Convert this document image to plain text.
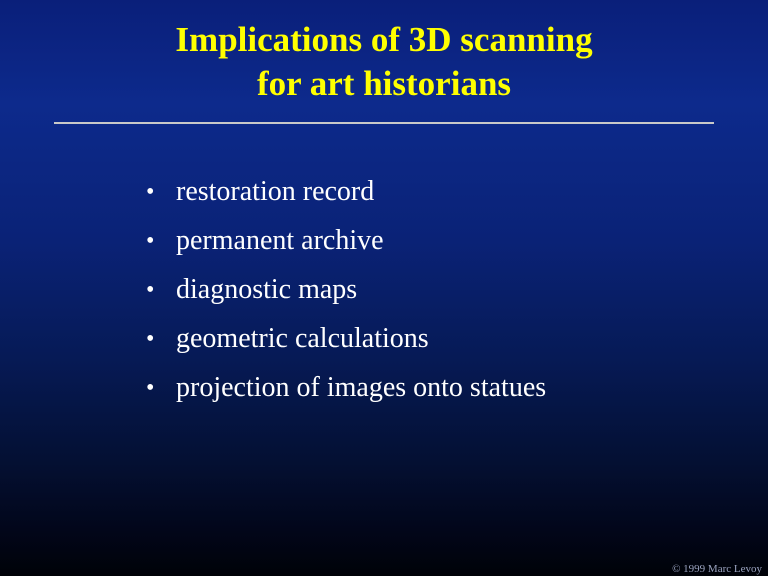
Implications of 3D scanning
for art historians
• restoration record
• permanent archive
• diagnostic maps
• geometric calculations
• projection of images onto statues
© 1999 Marc Levoy
